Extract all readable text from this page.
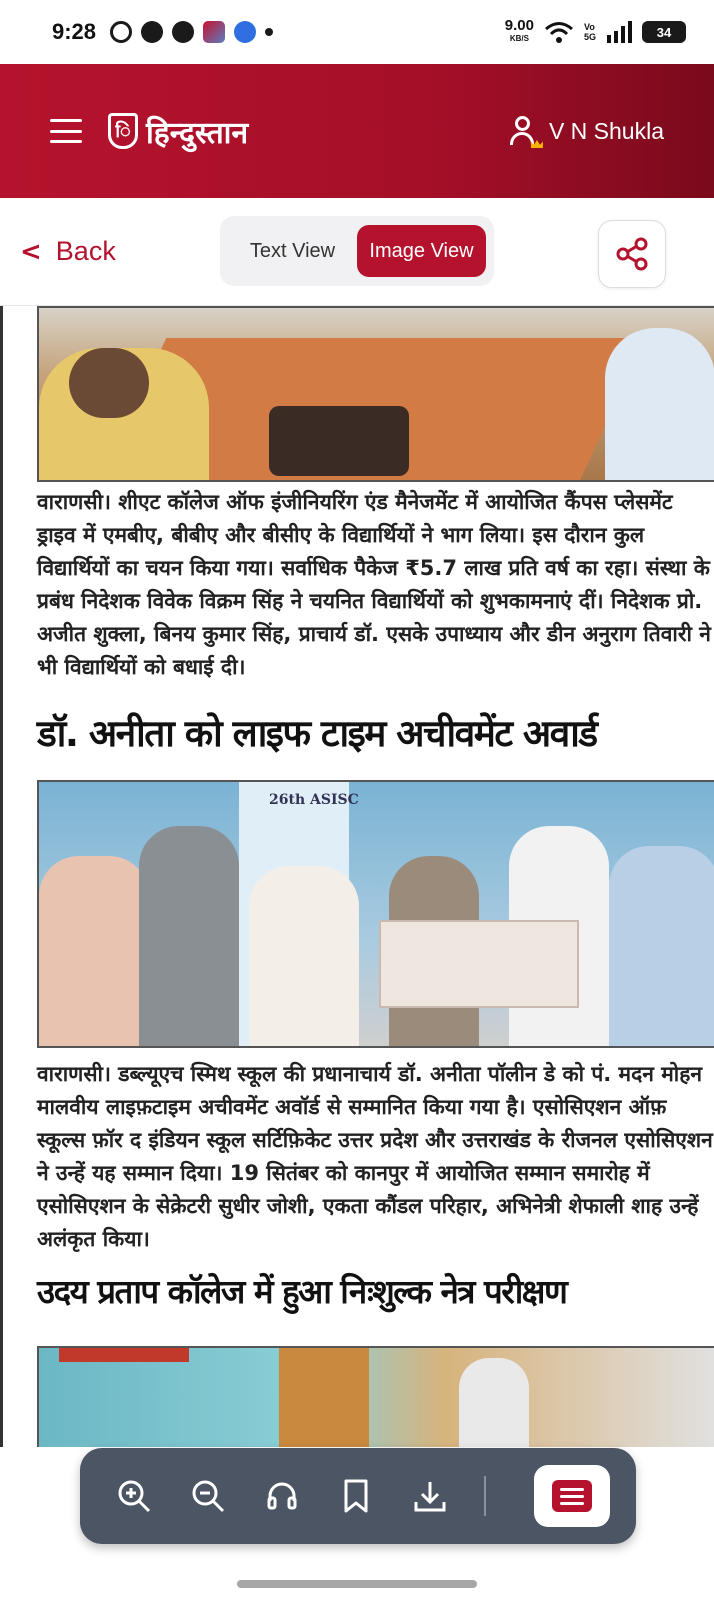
9:28	9.00
KB/S
Vo
5G	34
ि हिन्दुस्तान	V N Shukla
< Back	Text View	Image View
वाराणसी। शीएट कॉलेज ऑफ इंजीनियरिंग एंड मैनेजमेंट में आयोजित कैंपस प्लेसमेंट ड्राइव में एमबीए, बीबीए और बीसीए के विद्यार्थियों ने भाग लिया। इस दौरान कुल विद्यार्थियों का चयन किया गया। सर्वाधिक पैकेज ₹5.7 लाख प्रति वर्ष का रहा। संस्था के प्रबंध निदेशक विवेक विक्रम सिंह ने चयनित विद्यार्थियों को शुभकामनाएं दीं। निदेशक प्रो. अजीत शुक्ला, बिनय कुमार सिंह, प्राचार्य डॉ. एसके उपाध्याय और डीन अनुराग तिवारी ने भी विद्यार्थियों को बधाई दी।
डॉ. अनीता को लाइफ टाइम अचीवमेंट अवार्ड
26th ASISC
वाराणसी। डब्ल्यूएच स्मिथ स्कूल की प्रधानाचार्य डॉ. अनीता पॉलीन डे को पं. मदन मोहन मालवीय लाइफ़टाइम अचीवमेंट अवॉर्ड से सम्मानित किया गया है। एसोसिएशन ऑफ़ स्कूल्स फ़ॉर द इंडियन स्कूल सर्टिफ़िकेट उत्तर प्रदेश और उत्तराखंड के रीजनल एसोसिएशन ने उन्हें यह सम्मान दिया। 19 सितंबर को कानपुर में आयोजित सम्मान समारोह में एसोसिएशन के सेक्रेटरी सुधीर जोशी, एकता कौंडल परिहार, अभिनेत्री शेफाली शाह उन्हें अलंकृत किया।
उदय प्रताप कॉलेज में हुआ निःशुल्क नेत्र परीक्षण
